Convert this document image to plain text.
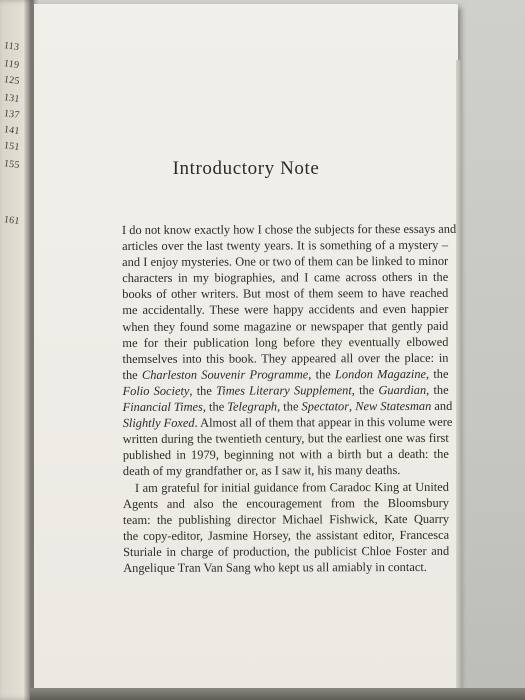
113
119
125
131
137
141
151
155
161
Introductory Note
I do not know exactly how I chose the subjects for these essays and
articles over the last twenty years. It is something of a mystery –
and I enjoy mysteries. One or two of them can be linked to minor
characters in my biographies, and I came across others in the
books of other writers. But most of them seem to have reached
me accidentally. These were happy accidents and even happier
when they found some magazine or newspaper that gently paid
me for their publication long before they eventually elbowed
themselves into this book. They appeared all over the place: in
the Charleston Souvenir Programme, the London Magazine, the
Folio Society, the Times Literary Supplement, the Guardian, the
Financial Times, the Telegraph, the Spectator, New Statesman and
Slightly Foxed. Almost all of them that appear in this volume were
written during the twentieth century, but the earliest one was first
published in 1979, beginning not with a birth but a death: the
death of my grandfather or, as I saw it, his many deaths.
I am grateful for initial guidance from Caradoc King at United
Agents and also the encouragement from the Bloomsbury
team: the publishing director Michael Fishwick, Kate Quarry
the copy-editor, Jasmine Horsey, the assistant editor, Francesca
Sturiale in charge of production, the publicist Chloe Foster and
Angelique Tran Van Sang who kept us all amiably in contact.
